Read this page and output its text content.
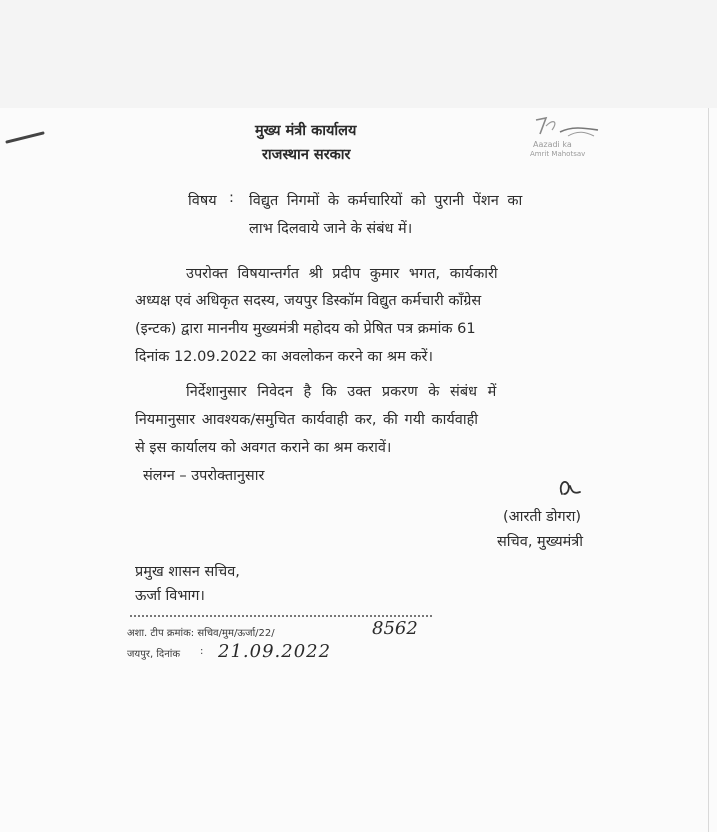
मुख्य मंत्री कार्यालय
राजस्थान सरकार
Aazadi ka
Amrit Mahotsav
विषय : विद्युत निगमों के कर्मचारियों को पुरानी पेंशन का
लाभ दिलवाये जाने के संबंध में।
उपरोक्त विषयान्तर्गत श्री प्रदीप कुमार भगत, कार्यकारी
अध्यक्ष एवं अधिकृत सदस्य, जयपुर डिस्कॉम विद्युत कर्मचारी कॉंग्रेस
(इन्टक) द्वारा माननीय मुख्यमंत्री महोदय को प्रेषित पत्र क्रमांक 61
दिनांक 12.09.2022 का अवलोकन करने का श्रम करें।
निर्देशानुसार निवेदन है कि उक्त प्रकरण के संबंध में
नियमानुसार आवश्यक/समुचित कार्यवाही कर, की गयी कार्यवाही
से इस कार्यालय को अवगत कराने का श्रम करावें।
संलग्न – उपरोक्तानुसार
(आरती डोगरा)
सचिव, मुख्यमंत्री
प्रमुख शासन सचिव,
ऊर्जा विभाग।
अशा. टीप क्रमांक: सचिव/मुम/ऊर्जा/22/	8562
जयपुर, दिनांक : 21.09.2022
